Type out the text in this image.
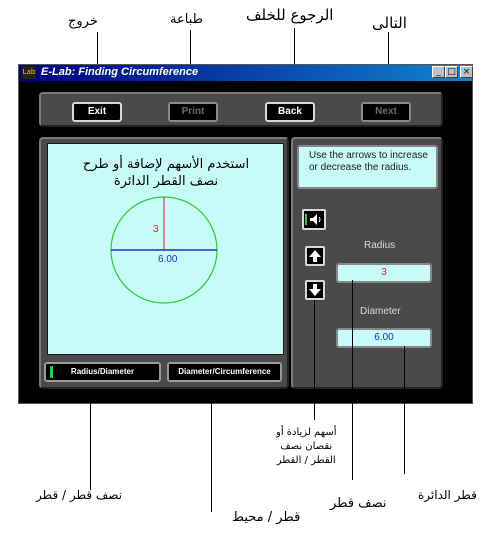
خروج	طباعة	الرجوع للخلف	التالى
Lab E-Lab: Finding Circumference	_ □ ×
Exit	Print	Back	Next
استخدم الأسهم لإضافة أو طرح
نصف القطر الدائرة
3
6.00
Radius/Diameter	Diameter/Circumference
Use the arrows to increase or decrease the radius.
Radius
3
Diameter
6.00
نصف قطر / قطر
قطر / محيط
أسهم لزيادة أو
نقصان نصف
القطر / القطر
نصف قطر
قطر الدائرة
